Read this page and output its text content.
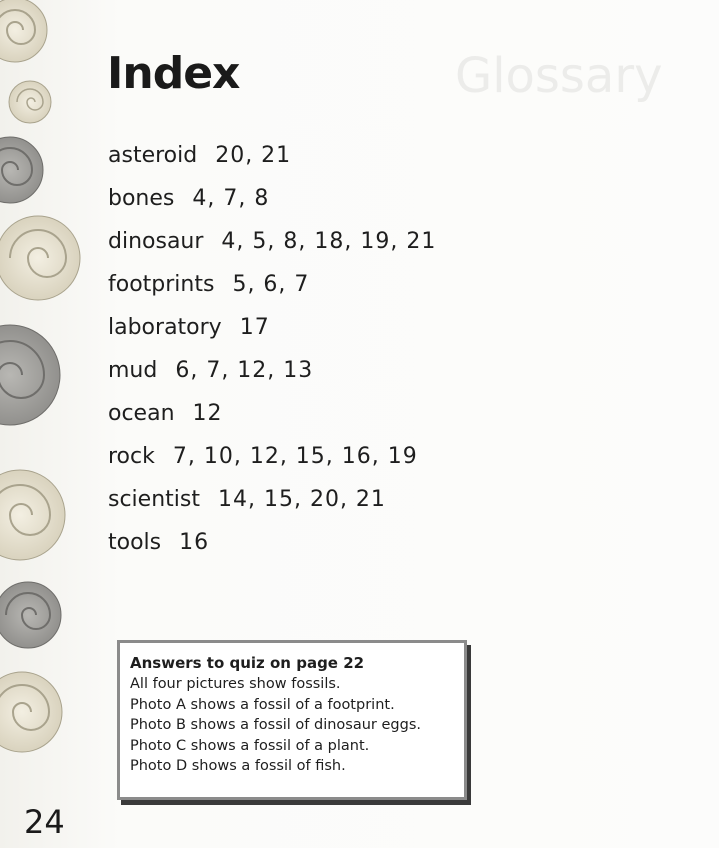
Glossary
Index
asteroid 20, 21
bones 4, 7, 8
dinosaur 4, 5, 8, 18, 19, 21
footprints 5, 6, 7
laboratory 17
mud 6, 7, 12, 13
ocean 12
rock 7, 10, 12, 15, 16, 19
scientist 14, 15, 20, 21
tools 16
Answers to quiz on page 22
All four pictures show fossils.
Photo A shows a fossil of a footprint.
Photo B shows a fossil of dinosaur eggs.
Photo C shows a fossil of a plant.
Photo D shows a fossil of fish.
24
